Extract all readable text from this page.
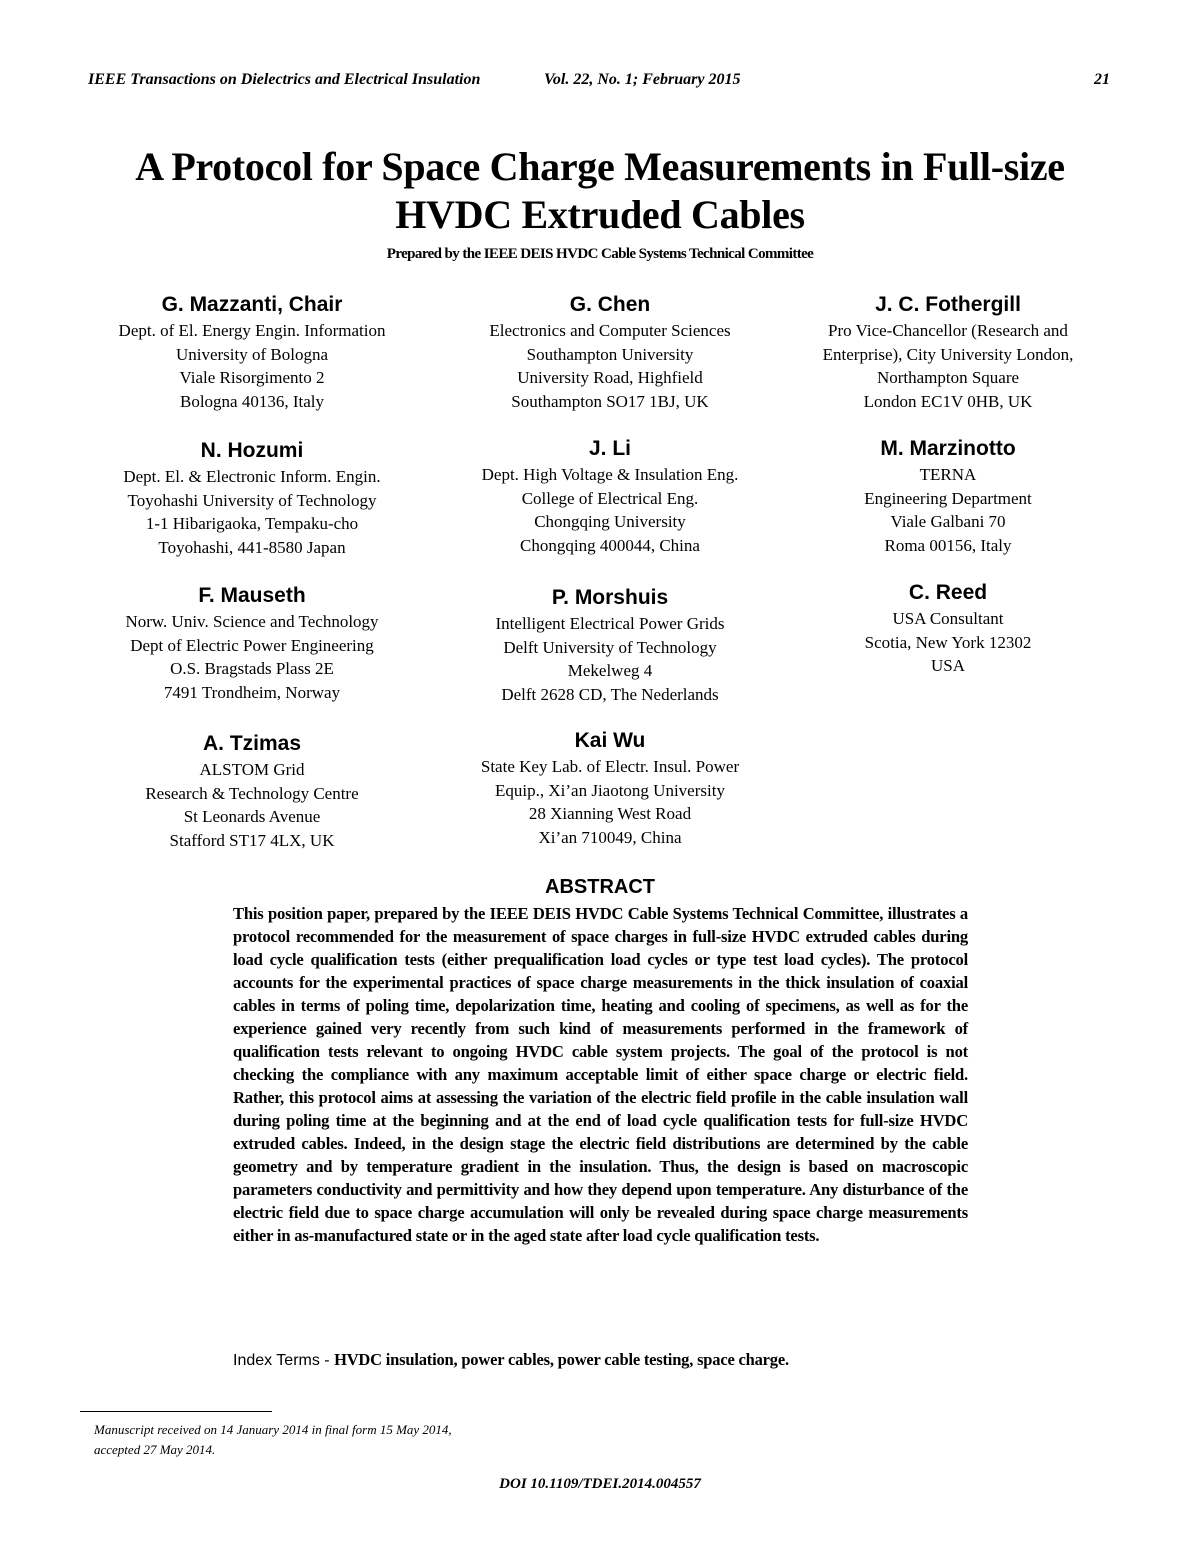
IEEE Transactions on Dielectrics and Electrical Insulation	Vol. 22, No. 1; February 2015	21
A Protocol for Space Charge Measurements in Full-size
HVDC Extruded Cables
Prepared by the IEEE DEIS HVDC Cable Systems Technical Committee
G. Mazzanti, Chair
Dept. of El. Energy Engin. Information
University of Bologna
Viale Risorgimento 2
Bologna 40136, Italy
G. Chen
Electronics and Computer Sciences
Southampton University
University Road, Highfield
Southampton SO17 1BJ, UK
J. C. Fothergill
Pro Vice-Chancellor (Research and
Enterprise), City University London,
Northampton Square
London EC1V 0HB, UK
N. Hozumi
Dept. El. & Electronic Inform. Engin.
Toyohashi University of Technology
1-1 Hibarigaoka, Tempaku-cho
Toyohashi, 441-8580 Japan
J. Li
Dept. High Voltage & Insulation Eng.
College of Electrical Eng.
Chongqing University
Chongqing 400044, China
M. Marzinotto
TERNA
Engineering Department
Viale Galbani 70
Roma 00156, Italy
F. Mauseth
Norw. Univ. Science and Technology
Dept of Electric Power Engineering
O.S. Bragstads Plass 2E
7491 Trondheim, Norway
P. Morshuis
Intelligent Electrical Power Grids
Delft University of Technology
Mekelweg 4
Delft 2628 CD, The Nederlands
C. Reed
USA Consultant
Scotia, New York 12302
USA
A. Tzimas
ALSTOM Grid
Research & Technology Centre
St Leonards Avenue
Stafford ST17 4LX, UK
Kai Wu
State Key Lab. of Electr. Insul. Power
Equip., Xi’an Jiaotong University
28 Xianning West Road
Xi’an 710049, China
ABSTRACT
This position paper, prepared by the IEEE DEIS HVDC Cable Systems Technical Committee, illustrates a protocol recommended for the measurement of space charges in full-size HVDC extruded cables during load cycle qualification tests (either prequalification load cycles or type test load cycles). The protocol accounts for the experimental practices of space charge measurements in the thick insulation of coaxial cables in terms of poling time, depolarization time, heating and cooling of specimens, as well as for the experience gained very recently from such kind of measurements performed in the framework of qualification tests relevant to ongoing HVDC cable system projects. The goal of the protocol is not checking the compliance with any maximum acceptable limit of either space charge or electric field. Rather, this protocol aims at assessing the variation of the electric field profile in the cable insulation wall during poling time at the beginning and at the end of load cycle qualification tests for full-size HVDC extruded cables. Indeed, in the design stage the electric field distributions are determined by the cable geometry and by temperature gradient in the insulation. Thus, the design is based on macroscopic parameters conductivity and permittivity and how they depend upon temperature. Any disturbance of the electric field due to space charge accumulation will only be revealed during space charge measurements either in as-manufactured state or in the aged state after load cycle qualification tests.
Index Terms - HVDC insulation, power cables, power cable testing, space charge.
Manuscript received on 14 January 2014 in final form 15 May 2014,
accepted 27 May 2014.
DOI 10.1109/TDEI.2014.004557
